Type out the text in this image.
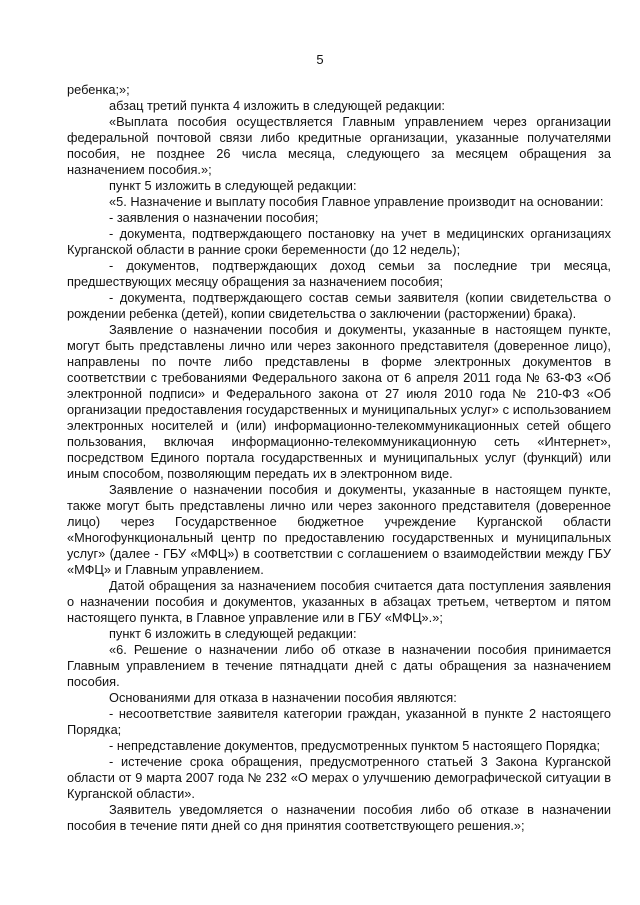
5

ребенка;»;

абзац третий пункта 4 изложить в следующей редакции:

«Выплата пособия осуществляется Главным управлением через организации федеральной почтовой связи либо кредитные организации, указанные получателями пособия, не позднее 26 числа месяца, следующего за месяцем обращения за назначением пособия.»;

пункт 5 изложить в следующей редакции:

«5. Назначение и выплату пособия Главное управление производит на основании:

- заявления о назначении пособия;

- документа, подтверждающего постановку на учет в медицинских организациях Курганской области в ранние сроки беременности (до 12 недель);

- документов, подтверждающих доход семьи за последние три месяца, предшествующих месяцу обращения за назначением пособия;

- документа, подтверждающего состав семьи заявителя (копии свидетельства о рождении ребенка (детей), копии свидетельства о заключении (расторжении) брака).

Заявление о назначении пособия и документы, указанные в настоящем пункте, могут быть представлены лично или через законного представителя (доверенное лицо), направлены по почте либо представлены в форме электронных документов в соответствии с требованиями Федерального закона от 6 апреля 2011 года № 63-ФЗ «Об электронной подписи» и Федерального закона от 27 июля 2010 года № 210-ФЗ «Об организации предоставления государственных и муниципальных услуг» с использованием электронных носителей и (или) информационно-телекоммуникационных сетей общего пользования, включая информационно-телекоммуникационную сеть «Интернет», посредством Единого портала государственных и муниципальных услуг (функций) или иным способом, позволяющим передать их в электронном виде.

Заявление о назначении пособия и документы, указанные в настоящем пункте, также могут быть представлены лично или через законного представителя (доверенное лицо) через Государственное бюджетное учреждение Курганской области «Многофункциональный центр по предоставлению государственных и муниципальных услуг» (далее - ГБУ «МФЦ») в соответствии с соглашением о взаимодействии между ГБУ «МФЦ» и Главным управлением.

Датой обращения за назначением пособия считается дата поступления заявления о назначении пособия и документов, указанных в абзацах третьем, четвертом и пятом настоящего пункта, в Главное управление или в ГБУ «МФЦ».»;

пункт 6 изложить в следующей редакции:

«6. Решение о назначении либо об отказе в назначении пособия принимается Главным управлением в течение пятнадцати дней с даты обращения за назначением пособия.

Основаниями для отказа в назначении пособия являются:

- несоответствие заявителя категории граждан, указанной в пункте 2 настоящего Порядка;

- непредставление документов, предусмотренных пунктом 5 настоящего Порядка;

- истечение срока обращения, предусмотренного статьей 3 Закона Курганской области от 9 марта 2007 года № 232 «О мерах о улучшению демографической ситуации в Курганской области».

Заявитель уведомляется о назначении пособия либо об отказе в назначении пособия в течение пяти дней со дня принятия соответствующего решения.»;
